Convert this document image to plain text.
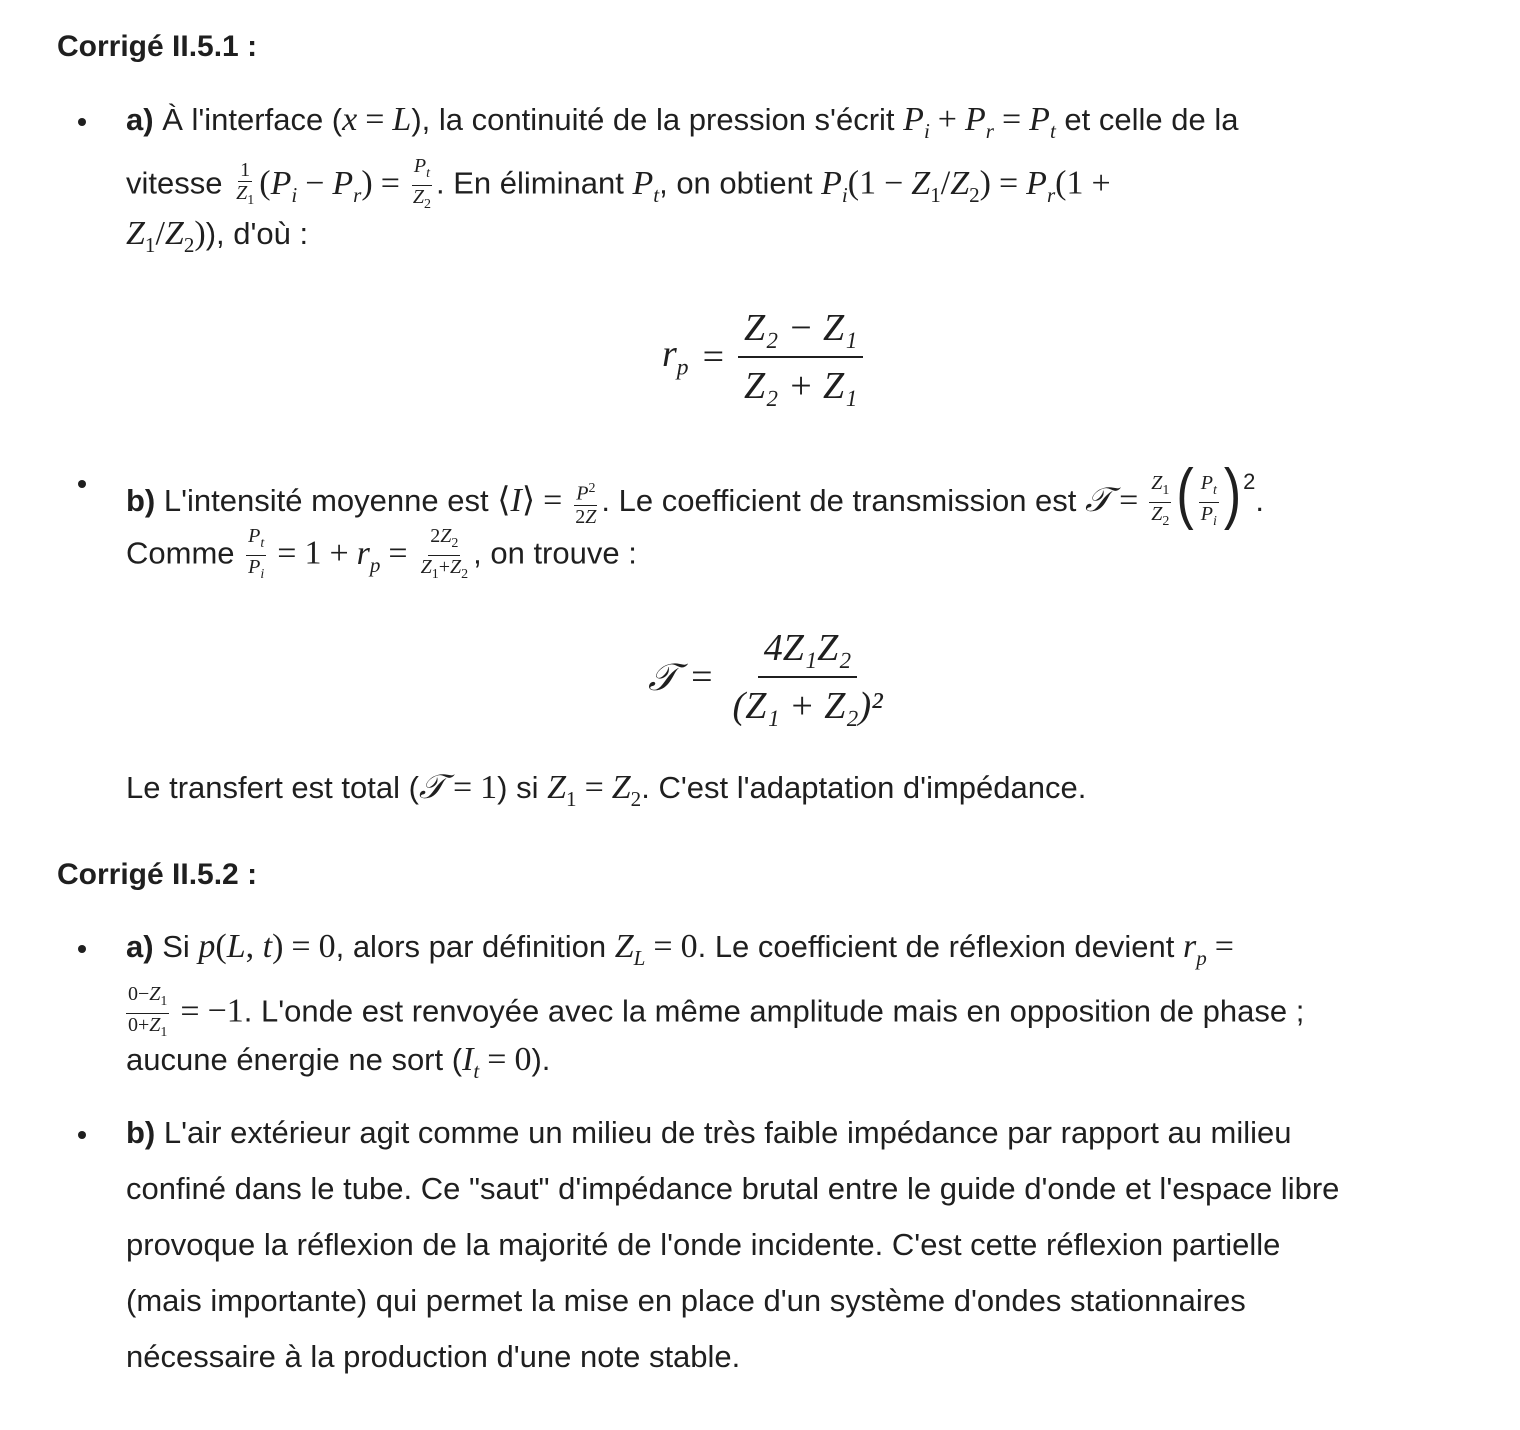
Corrigé II.5.1 :
a) À l'interface (x = L), la continuité de la pression s'écrit $P_i + P_r = P_t$ et celle de la
vitesse $\frac{1}{Z_1} (P_i - P_r) = \frac{P_t}{Z_2}$ . En éliminant $P_t$, on obtient $P_i(1 - Z_1/Z_2) = P_r(1$ +
$Z_1/Z_2$)), d'où :
$r_p = \frac{\text{Z₂ − Z₁}}{\text{Z₂ + Z₁}}$
b) L'intensité moyenne est ⟨I⟩ = $\frac{P^2}{2Z}$ . Le coefficient de transmission est 𝒯 = $\frac{Z_1}{Z_2}$ ( $\frac{P_t}{P_i} )^2$.
Comme $\frac{P_t}{P_i} = 1 + r_p = \frac{2Z_2}{Z_1+Z_2}$ , on trouve :
𝒯 = $\frac{\text{4Z₁Z₂}}{\text{(Z₁ + Z₂)²}}$
Le transfert est total (𝒯 = 1) si $Z_1 = Z_2$. C'est l'adaptation d'impédance.
Corrigé II.5.2 :
a) Si p(L, t) = 0, alors par définition $Z_L = 0$. Le coefficient de réflexion devient $r_p$ =
$\frac{0-Z_1}{0+Z_1} = -1$. L'onde est renvoyée avec la même amplitude mais en opposition de phase ;
aucune énergie ne sort $(I_t = 0)$.
b) L'air extérieur agit comme un milieu de très faible impédance par rapport au milieu
confiné dans le tube. Ce "saut" d'impédance brutal entre le guide d'onde et l'espace libre
provoque la réflexion de la majorité de l'onde incidente. C'est cette réflexion partielle
(mais importante) qui permet la mise en place d'un système d'ondes stationnaires
nécessaire à la production d'une note stable.
